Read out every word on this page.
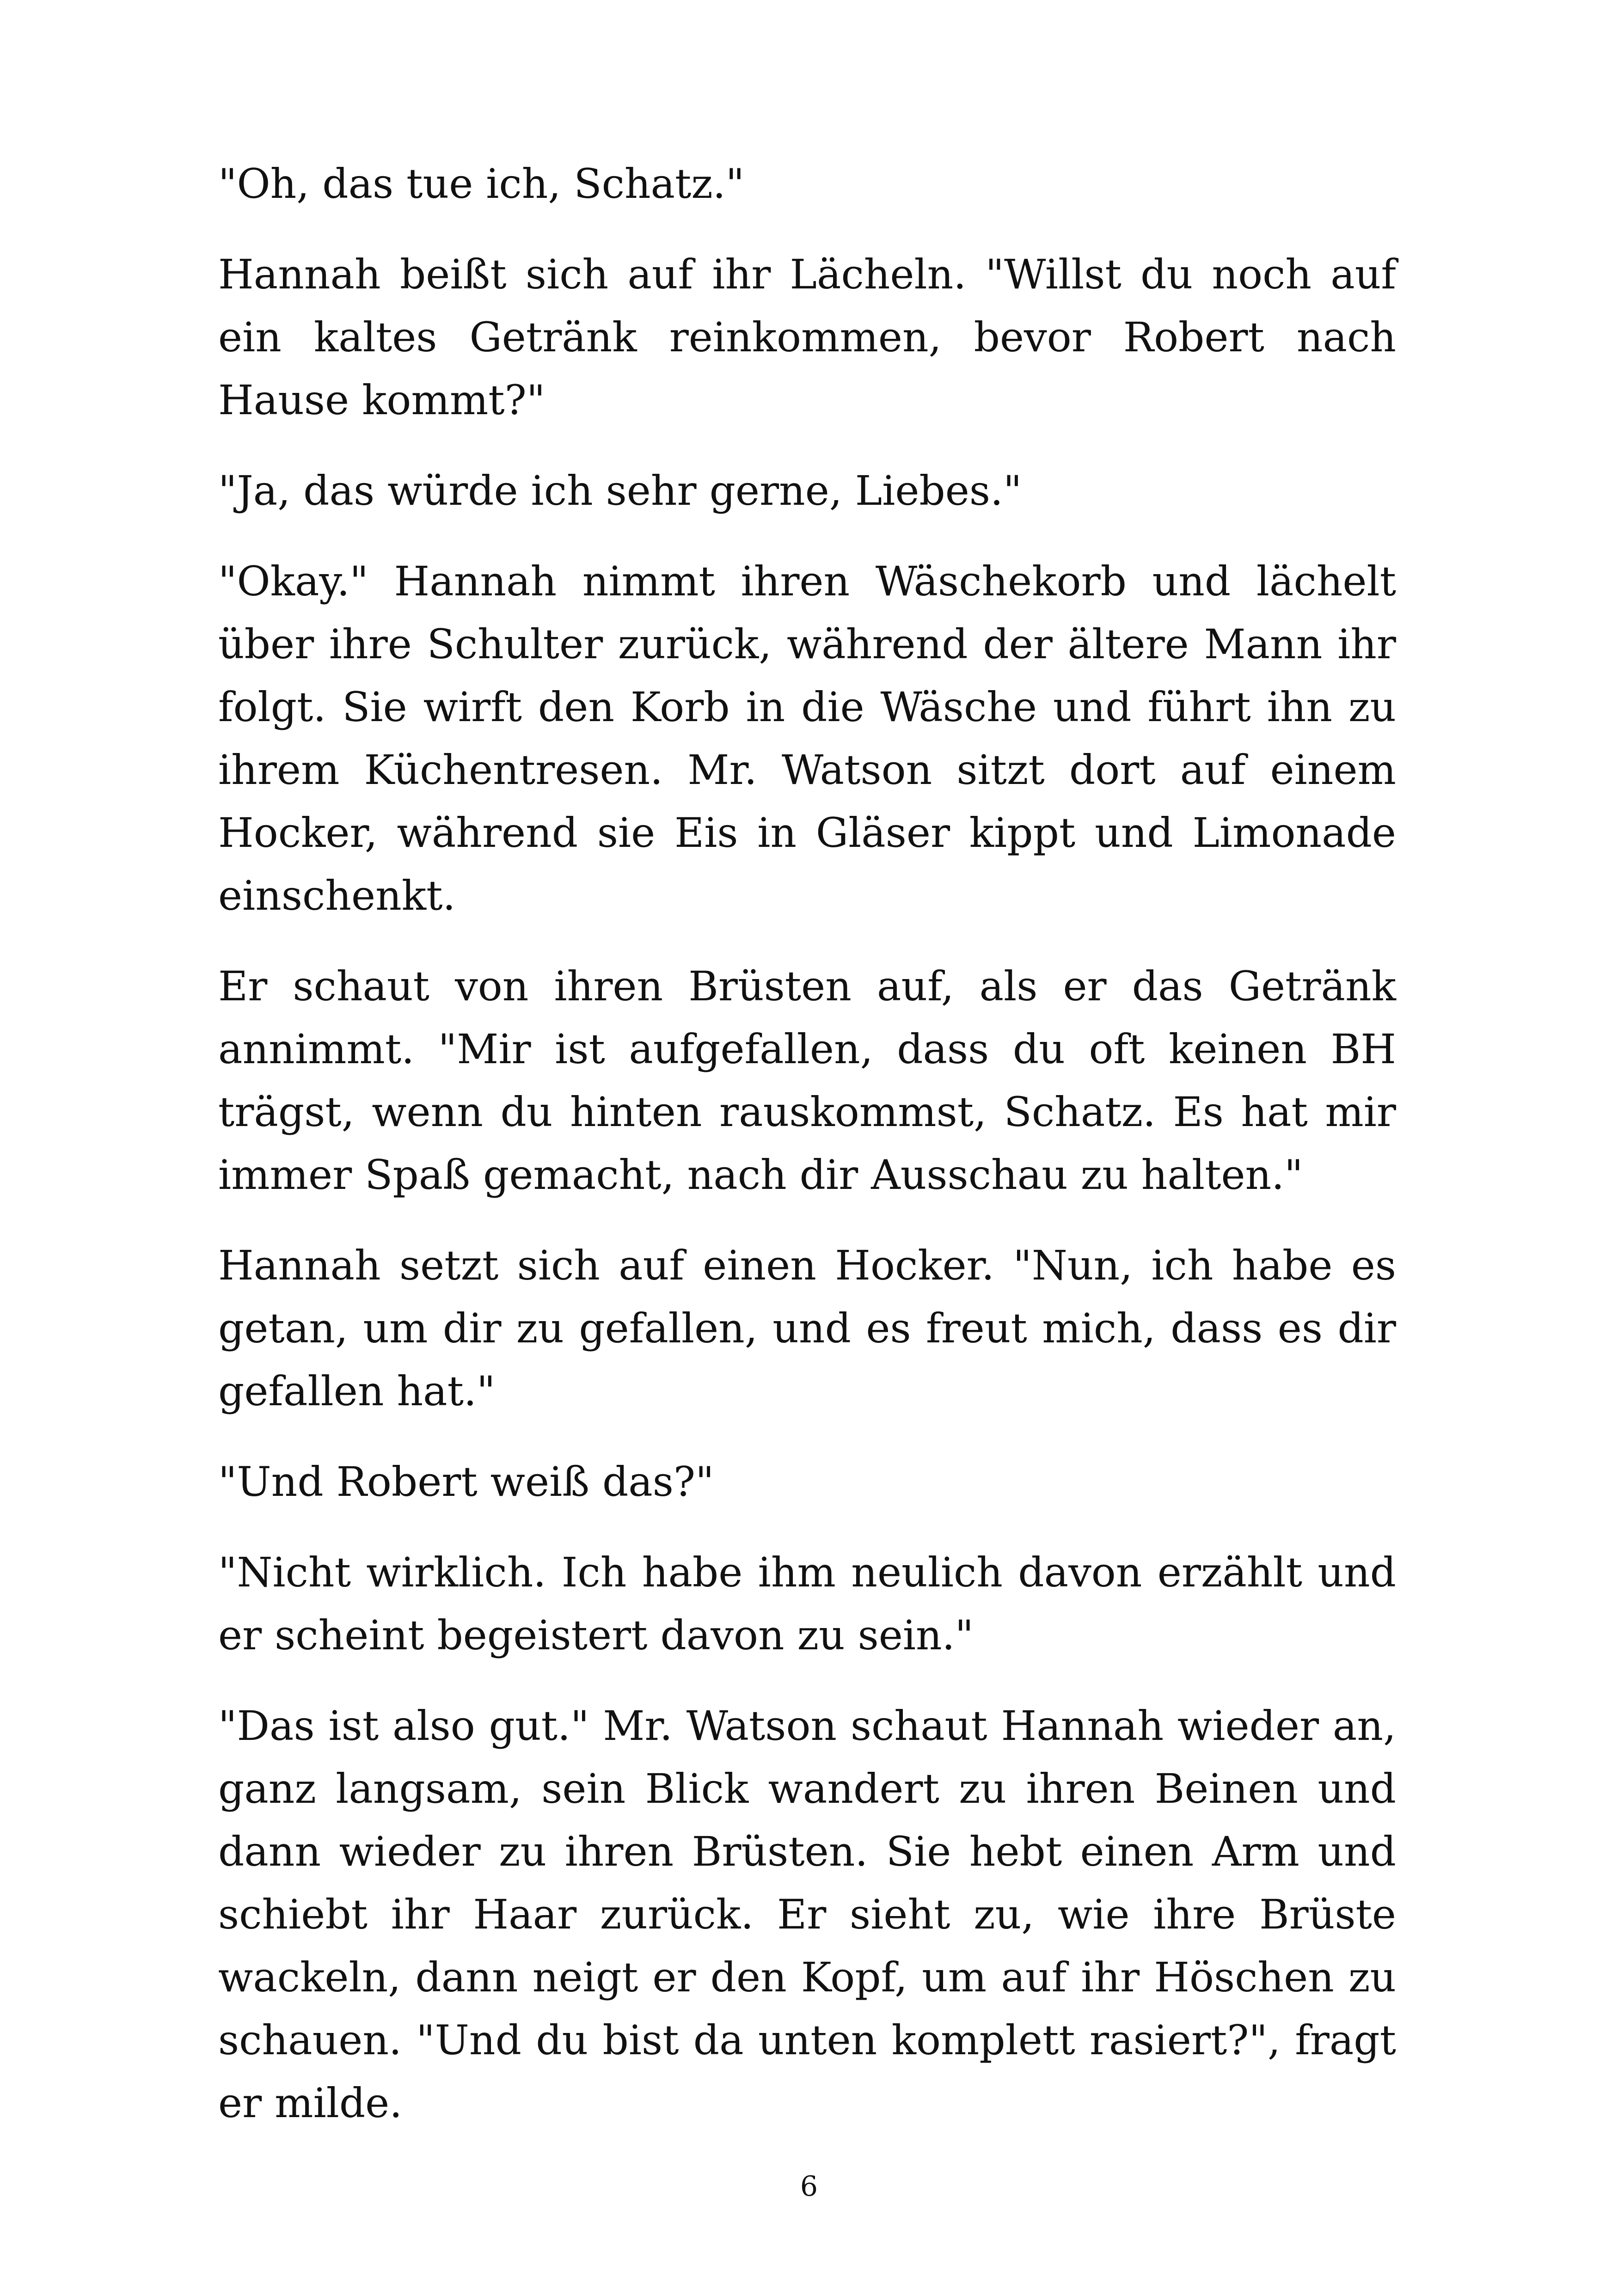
"Oh, das tue ich, Schatz."

Hannah beißt sich auf ihr Lächeln. "Willst du noch auf ein kaltes Getränk reinkommen, bevor Robert nach Hause kommt?"

"Ja, das würde ich sehr gerne, Liebes."

"Okay." Hannah nimmt ihren Wäschekorb und lächelt über ihre Schulter zurück, während der ältere Mann ihr folgt. Sie wirft den Korb in die Wäsche und führt ihn zu ihrem Küchentresen. Mr. Watson sitzt dort auf einem Hocker, während sie Eis in Gläser kippt und Limonade einschenkt.

Er schaut von ihren Brüsten auf, als er das Getränk annimmt. "Mir ist aufgefallen, dass du oft keinen BH trägst, wenn du hinten rauskommst, Schatz. Es hat mir immer Spaß gemacht, nach dir Ausschau zu halten."

Hannah setzt sich auf einen Hocker. "Nun, ich habe es getan, um dir zu gefallen, und es freut mich, dass es dir gefallen hat."

"Und Robert weiß das?"

"Nicht wirklich. Ich habe ihm neulich davon erzählt und er scheint begeistert davon zu sein."

"Das ist also gut." Mr. Watson schaut Hannah wieder an, ganz langsam, sein Blick wandert zu ihren Beinen und dann wieder zu ihren Brüsten. Sie hebt einen Arm und schiebt ihr Haar zurück. Er sieht zu, wie ihre Brüste wackeln, dann neigt er den Kopf, um auf ihr Höschen zu schauen. "Und du bist da unten komplett rasiert?", fragt er milde.

6
